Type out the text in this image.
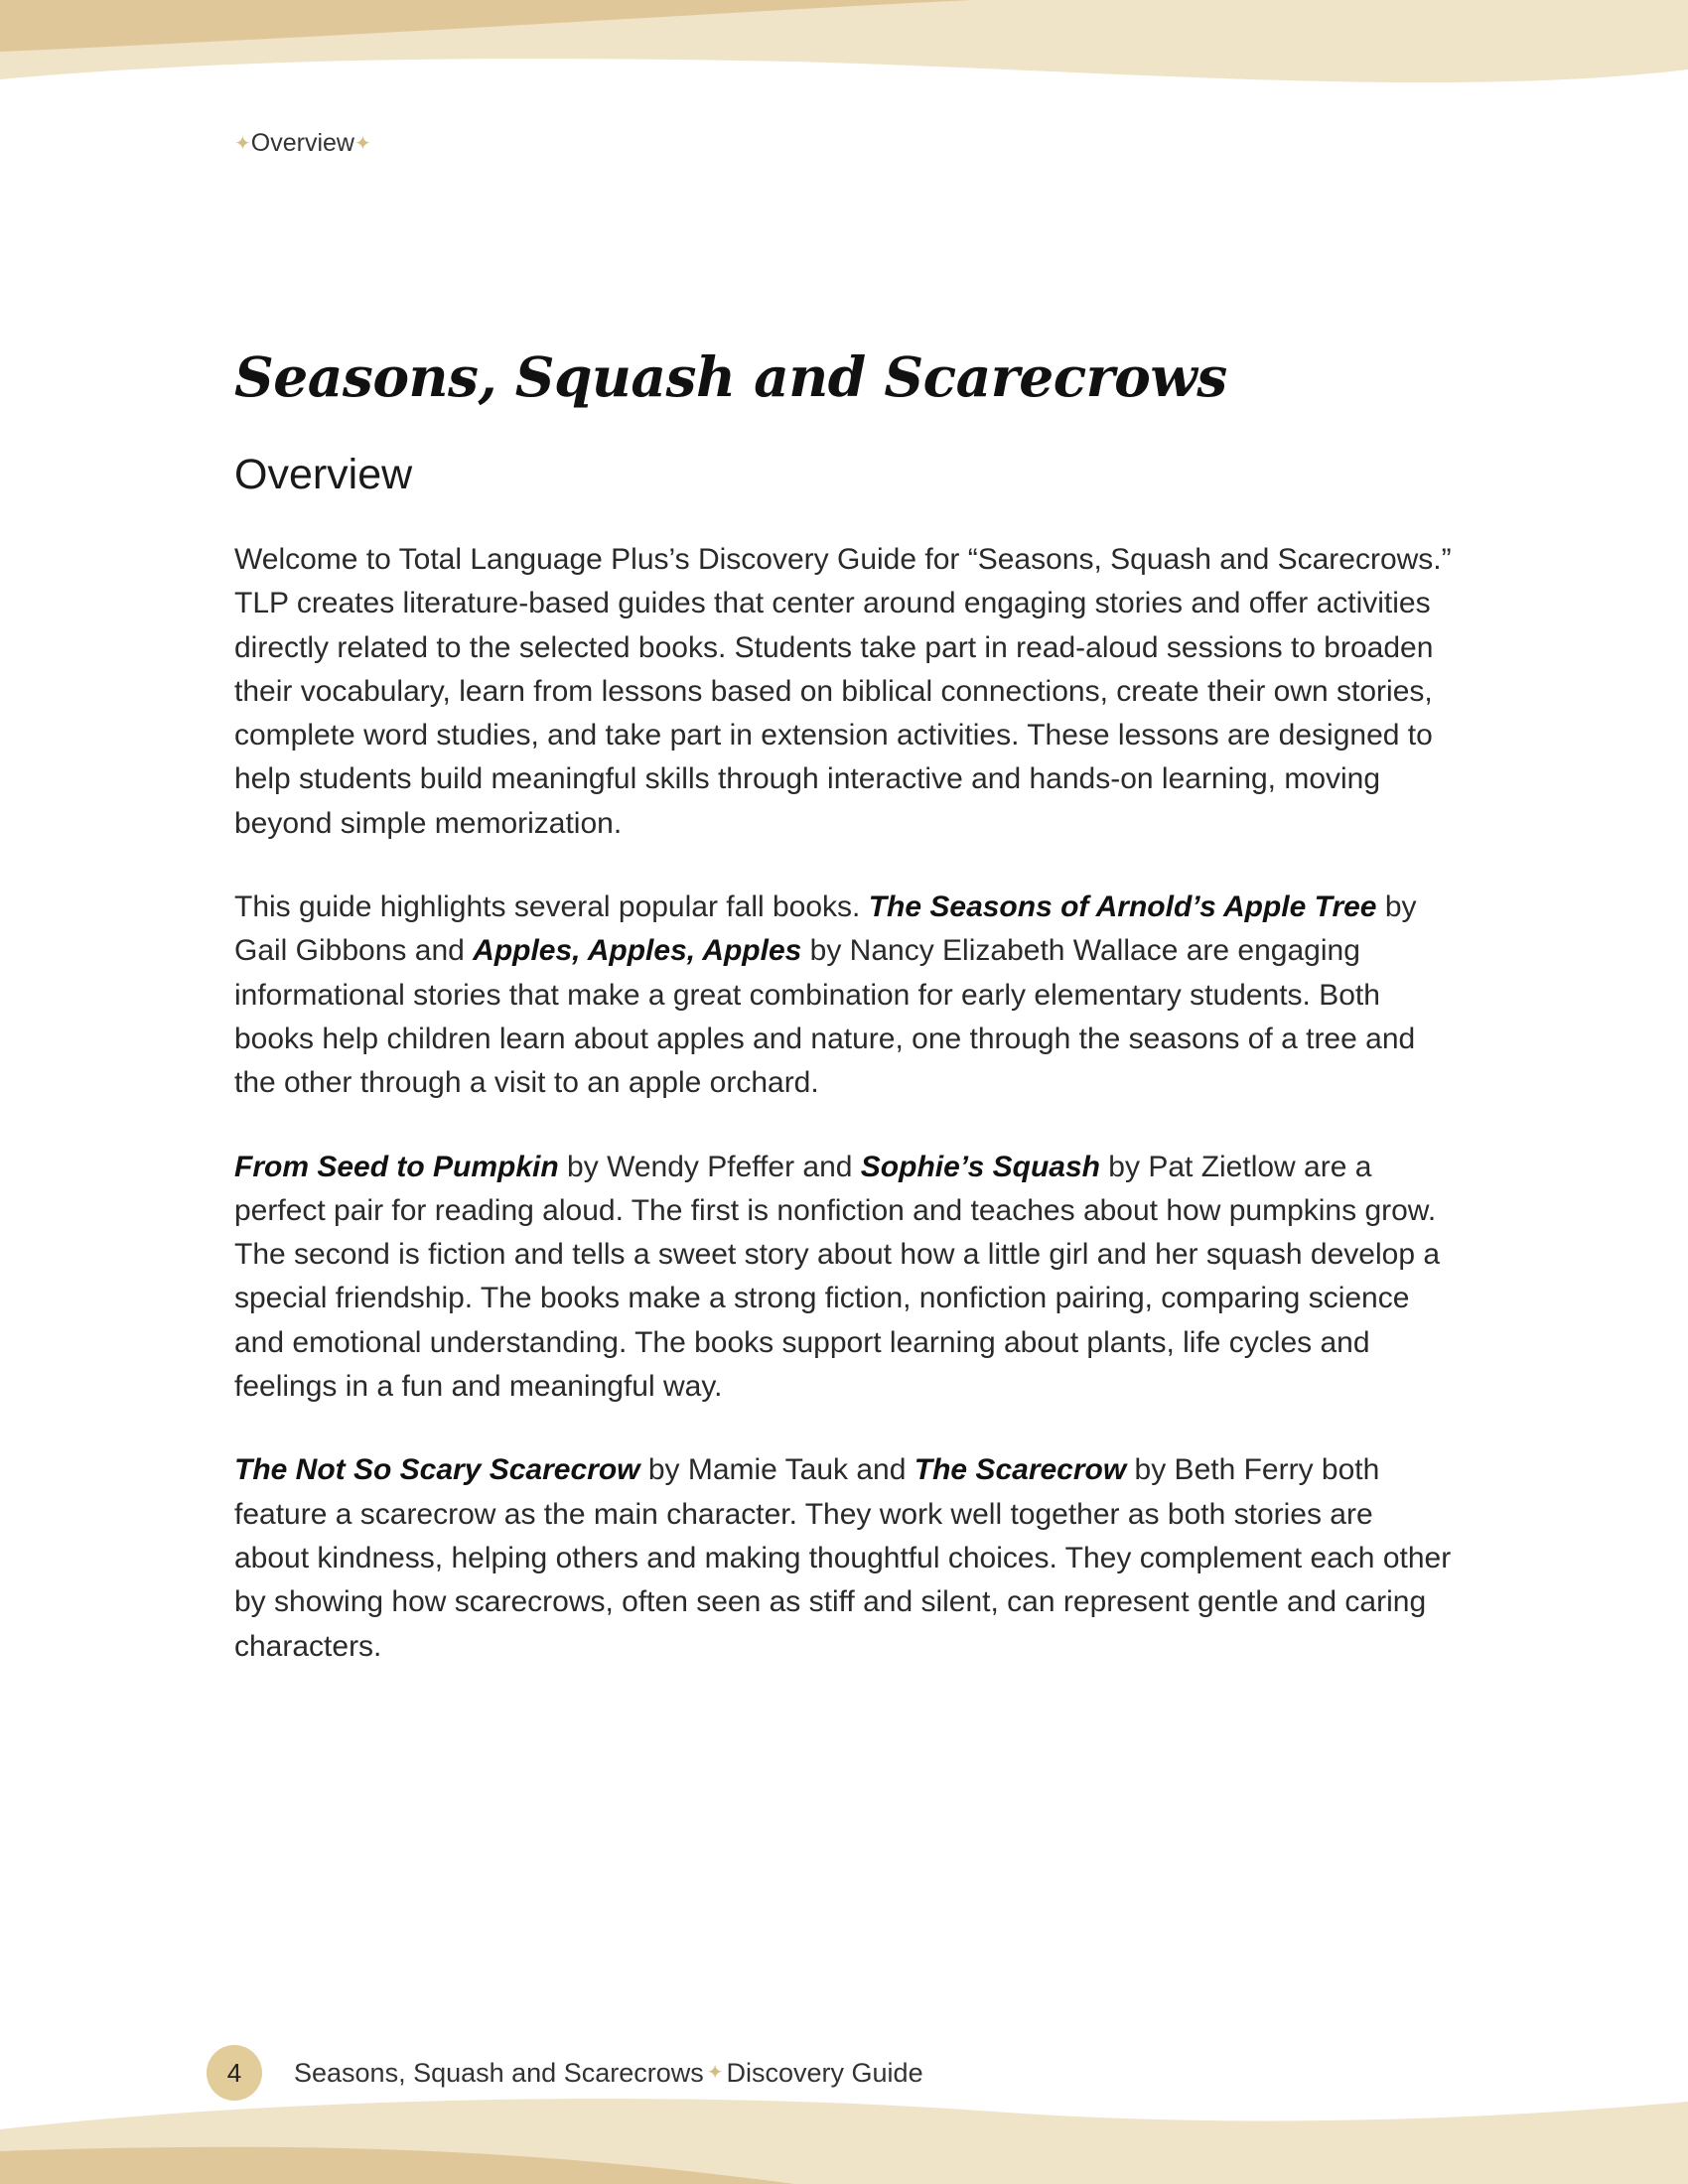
✦ Overview ✦
Seasons, Squash and Scarecrows
Overview

Welcome to Total Language Plus’s Discovery Guide for “Seasons, Squash and Scarecrows.” TLP creates literature-based guides that center around engaging stories and offer activities directly related to the selected books. Students take part in read-aloud sessions to broaden their vocabulary, learn from lessons based on biblical connections, create their own stories, complete word studies, and take part in extension activities. These lessons are designed to help students build meaningful skills through interactive and hands-on learning, moving beyond simple memorization.

This guide highlights several popular fall books. The Seasons of Arnold’s Apple Tree by Gail Gibbons and Apples, Apples, Apples by Nancy Elizabeth Wallace are engaging informational stories that make a great combination for early elementary students. Both books help children learn about apples and nature, one through the seasons of a tree and the other through a visit to an apple orchard.

From Seed to Pumpkin by Wendy Pfeffer and Sophie’s Squash by Pat Zietlow are a perfect pair for reading aloud. The first is nonfiction and teaches about how pumpkins grow. The second is fiction and tells a sweet story about how a little girl and her squash develop a special friendship. The books make a strong fiction, nonfiction pairing, comparing science and emotional understanding. The books support learning about plants, life cycles and feelings in a fun and meaningful way.

The Not So Scary Scarecrow by Mamie Tauk and The Scarecrow by Beth Ferry both feature a scarecrow as the main character. They work well together as both stories are about kindness, helping others and making thoughtful choices. They complement each other by showing how scarecrows, often seen as stiff and silent, can represent gentle and caring characters.

4	Seasons, Squash and Scarecrows ✦ Discovery Guide
